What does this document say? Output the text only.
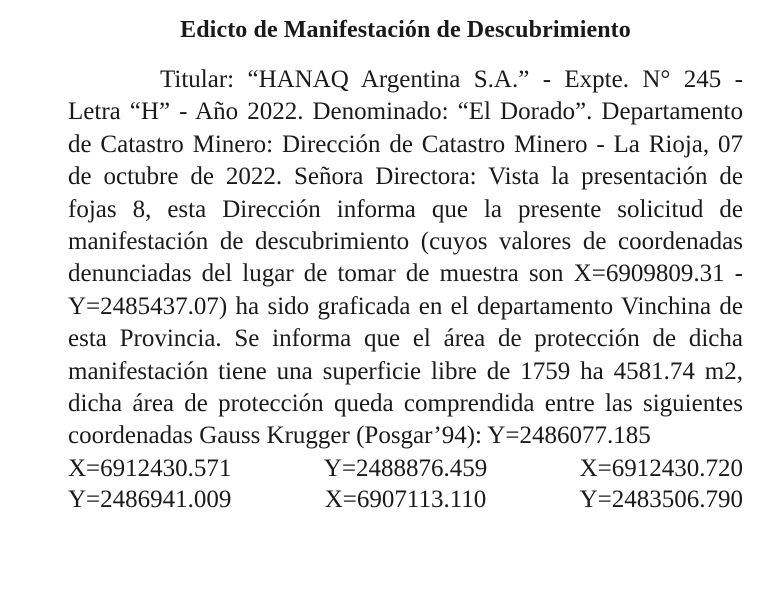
Edicto de Manifestación de Descubrimiento

Titular: “HANAQ Argentina S.A.” - Expte. N° 245 - Letra “H” - Año 2022. Denominado: “El Dorado”. Departamento de Catastro Minero: Dirección de Catastro Minero - La Rioja, 07 de octubre de 2022. Señora Directora: Vista la presentación de fojas 8, esta Dirección informa que la presente solicitud de manifestación de descubrimiento (cuyos valores de coordenadas denunciadas del lugar de tomar de muestra son X=6909809.31 - Y=2485437.07) ha sido graficada en el departamento Vinchina de esta Provincia. Se informa que el área de protección de dicha manifestación tiene una superficie libre de 1759 ha 4581.74 m2, dicha área de protección queda comprendida entre las siguientes coordenadas Gauss Krugger (Posgar’94): Y=2486077.185

X=6912430.571	Y=2488876.459	X=6912430.720
Y=2486941.009	X=6907113.110	Y=2483506.790
